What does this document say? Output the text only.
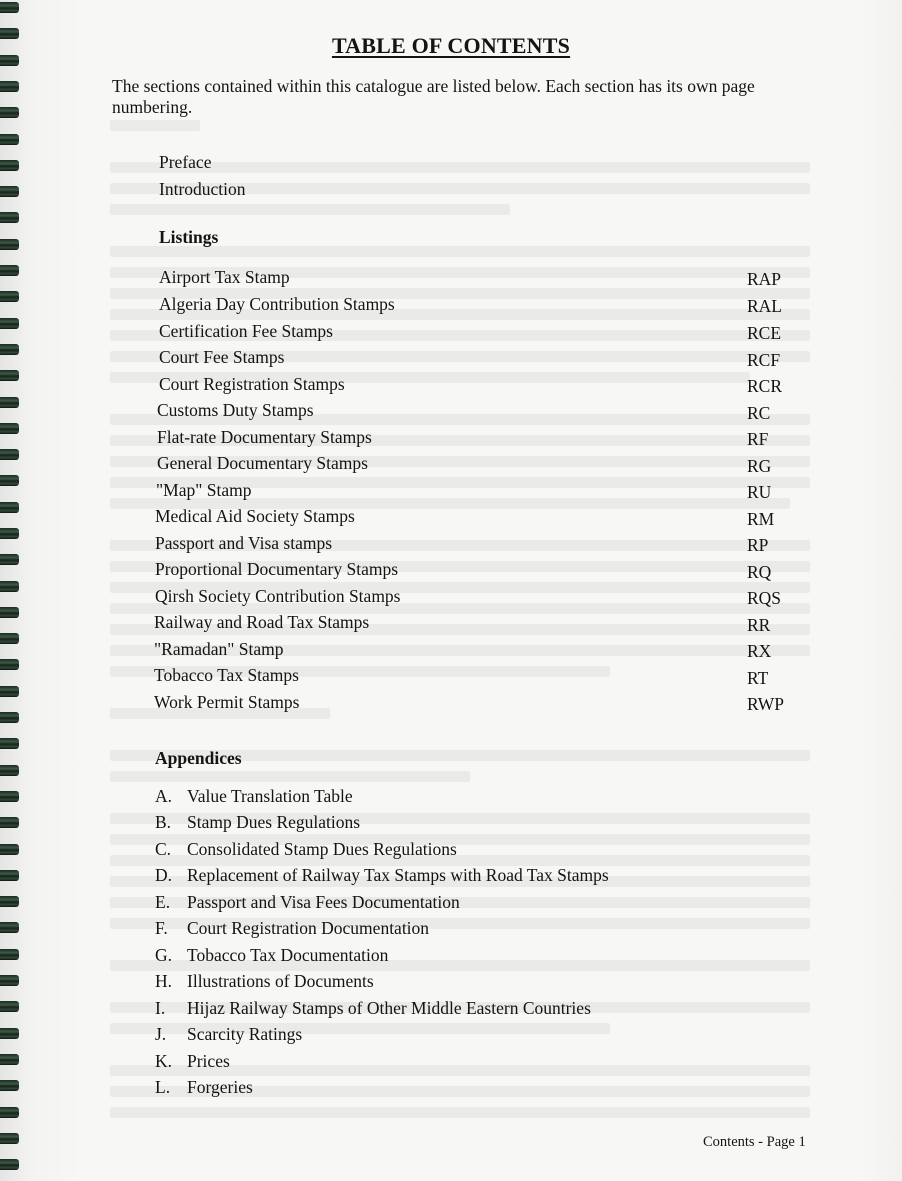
TABLE OF CONTENTS
The sections contained within this catalogue are listed below. Each section has its own page numbering.
Preface
Introduction
Listings
Airport Tax Stamp	RAP
Algeria Day Contribution Stamps	RAL
Certification Fee Stamps	RCE
Court Fee Stamps	RCF
Court Registration Stamps	RCR
Customs Duty Stamps	RC
Flat-rate Documentary Stamps	RF
General Documentary Stamps	RG
"Map" Stamp	RU
Medical Aid Society Stamps	RM
Passport and Visa stamps	RP
Proportional Documentary Stamps	RQ
Qirsh Society Contribution Stamps	RQS
Railway and Road Tax Stamps	RR
"Ramadan" Stamp	RX
Tobacco Tax Stamps	RT
Work Permit Stamps	RWP
Appendices
A. Value Translation Table
B. Stamp Dues Regulations
C. Consolidated Stamp Dues Regulations
D. Replacement of Railway Tax Stamps with Road Tax Stamps
E. Passport and Visa Fees Documentation
F. Court Registration Documentation
G. Tobacco Tax Documentation
H. Illustrations of Documents
I. Hijaz Railway Stamps of Other Middle Eastern Countries
J. Scarcity Ratings
K. Prices
L. Forgeries
Contents - Page 1
